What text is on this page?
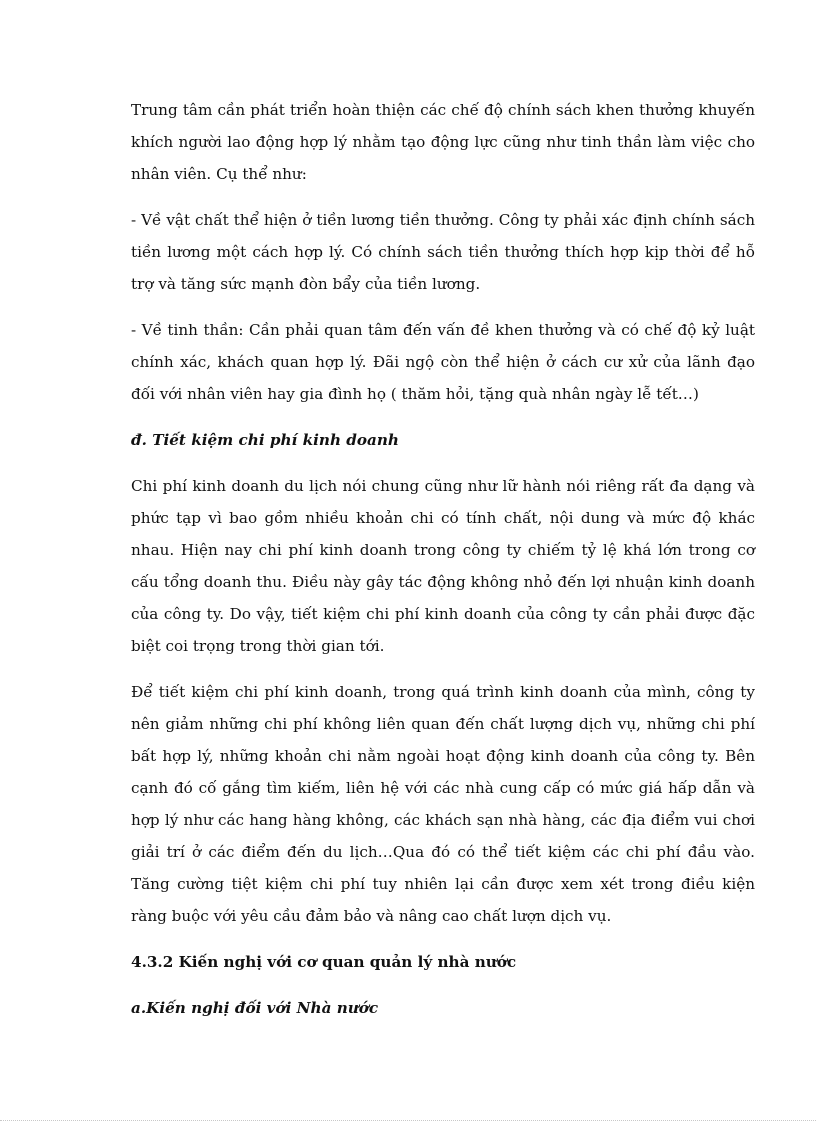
Trung tâm cần phát triển hoàn thiện các chế độ chính sách khen thưởng khuyến khích người lao động hợp lý nhằm tạo động lực cũng như tinh thần làm việc cho nhân viên. Cụ thể như:

- Về vật chất thể hiện ở tiền lương tiền thưởng. Công ty phải xác định chính sách tiền lương một cách hợp lý. Có chính sách tiền thưởng thích hợp kịp thời để hỗ trợ và tăng sức mạnh đòn bẩy của tiền lương.

- Về tinh thần: Cần phải quan tâm đến vấn đề khen thưởng và có chế độ kỷ luật chính xác, khách quan hợp lý. Đãi ngộ còn thể hiện ở cách cư xử của lãnh đạo đối với nhân viên hay gia đình họ ( thăm hỏi, tặng quà nhân ngày lễ tết…)

đ. Tiết kiệm chi phí kinh doanh

Chi phí kinh doanh du lịch nói chung cũng như lữ hành nói riêng rất đa dạng và phức tạp vì bao gồm nhiều khoản chi có tính chất, nội dung và mức độ khác nhau. Hiện nay chi phí kinh doanh trong công ty chiếm tỷ lệ khá lớn trong cơ cấu tổng doanh thu. Điều này gây tác động không nhỏ đến lợi nhuận kinh doanh của công ty. Do vậy, tiết kiệm chi phí kinh doanh của công ty cần phải được đặc biệt coi trọng trong thời gian tới.

Để tiết kiệm chi phí kinh doanh, trong quá trình kinh doanh của mình, công ty nên giảm những chi phí không liên quan đến chất lượng dịch vụ, những chi phí bất hợp lý, những khoản chi nằm ngoài hoạt động kinh doanh của công ty. Bên cạnh đó cố gắng tìm kiếm, liên hệ với các nhà cung cấp có mức giá hấp dẫn và hợp lý như các hang hàng không, các khách sạn nhà hàng, các địa điểm vui chơi giải trí ở các điểm đến du lịch…Qua đó có thể tiết kiệm các chi phí đầu vào. Tăng cường tiệt kiệm chi phí tuy nhiên lại cần được xem xét trong điều kiện ràng buộc với yêu cầu đảm bảo và nâng cao chất lượn dịch vụ.

4.3.2 Kiến nghị với cơ quan quản lý nhà nước

a.Kiến nghị đối với Nhà nước
